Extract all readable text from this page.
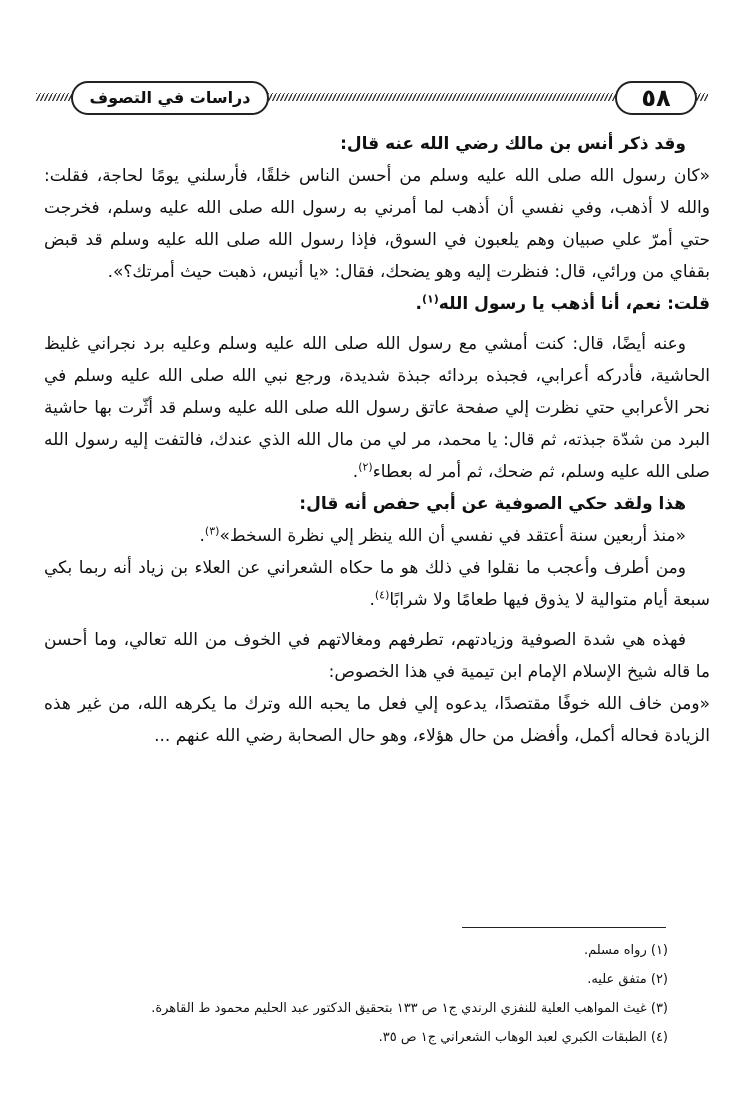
دراسات في التصوف	٥٨

وقد ذكر أنس بن مالك رضي الله عنه قال:

«كان رسول الله صلى الله عليه وسلم من أحسن الناس خلقًا، فأرسلني يومًا لحاجة، فقلت: والله لا أذهب، وفي نفسي أن أذهب لما أمرني به رسول الله صلى الله عليه وسلم، فخرجت حتي أمرّ علي صبيان وهم يلعبون في السوق، فإذا رسول الله صلى الله عليه وسلم قد قبض بقفاي من ورائي، قال: فنظرت إليه وهو يضحك، فقال: «يا أنيس، ذهبت حيث أمرتك؟».

قلت: نعم، أنا أذهب يا رسول الله$^{(١)}$.

وعنه أيضًا، قال: كنت أمشي مع رسول الله صلى الله عليه وسلم وعليه برد نجراني غليظ الحاشية، فأدركه أعرابي، فجبذه بردائه جبذة شديدة، ورجع نبي الله صلى الله عليه وسلم في نحر الأعرابي حتي نظرت إلي صفحة عاتق رسول الله صلى الله عليه وسلم قد أثّرت بها حاشية البرد من شدّة جبذته، ثم قال: يا محمد، مر لي من مال الله الذي عندك، فالتفت إليه رسول الله صلى الله عليه وسلم، ثم ضحك، ثم أمر له بعطاء$^{(٢)}$.

هذا ولقد حكي الصوفية عن أبي حفص أنه قال:

«منذ أربعين سنة أعتقد في نفسي أن الله ينظر إلي نظرة السخط»$^{(٣)}$.

ومن أطرف وأعجب ما نقلوا في ذلك هو ما حكاه الشعراني عن العلاء بن زياد أنه ربما بكي سبعة أيام متوالية لا يذوق فيها طعامًا ولا شرابًا$^{(٤)}$.

فهذه هي شدة الصوفية وزيادتهم، تطرفهم ومغالاتهم في الخوف من الله تعالي، وما أحسن ما قاله شيخ الإسلام الإمام ابن تيمية في هذا الخصوص:

«ومن خاف الله خوفًا مقتصدًا، يدعوه إلي فعل ما يحبه الله وترك ما يكرهه الله، من غير هذه الزيادة فحاله أكمل، وأفضل من حال هؤلاء، وهو حال الصحابة رضي الله عنهم ...

(١) رواه مسلم.

(٢) متفق عليه.

(٣) غيث المواهب العلية للنفزي الرندي ج١ ص ١٣٣ بتحقيق الدكتور عبد الحليم محمود ط القاهرة.

(٤) الطبقات الكبري لعبد الوهاب الشعراني ج١ ص ٣٥.
